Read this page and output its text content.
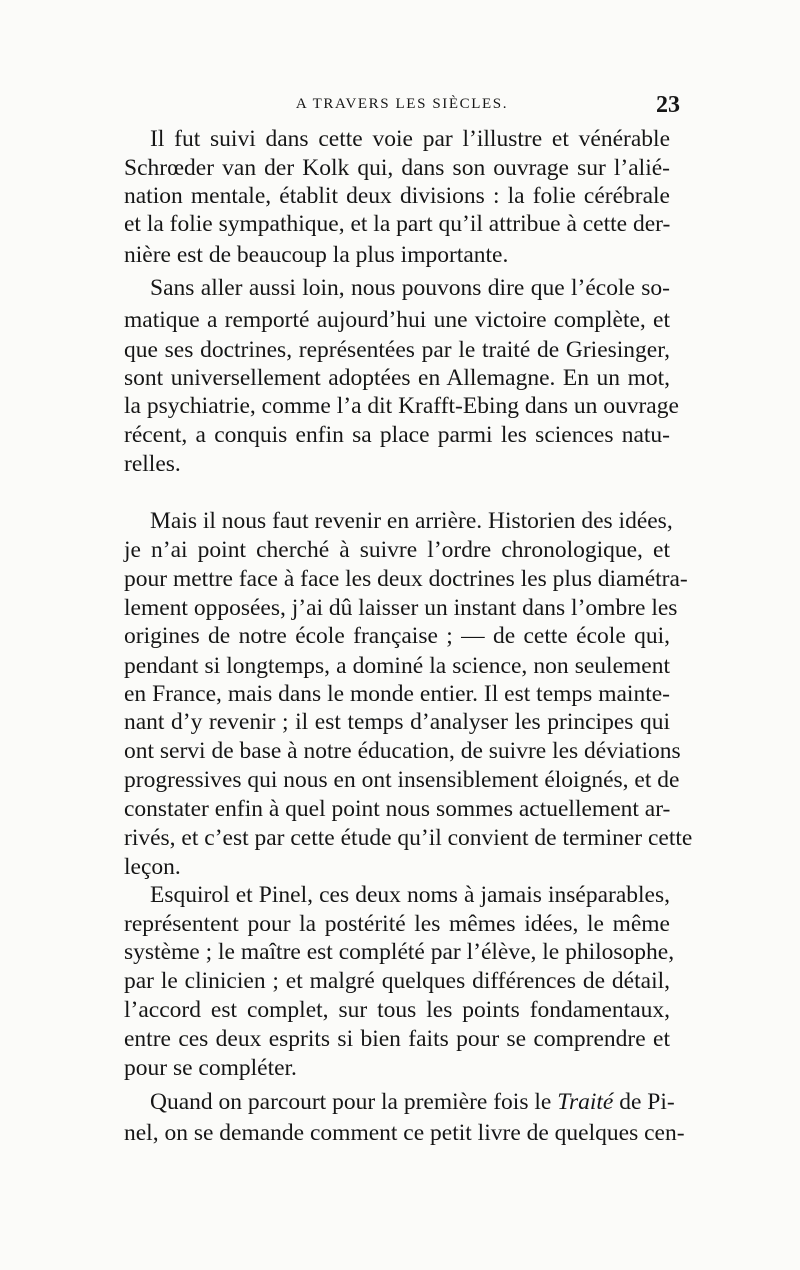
A TRAVERS LES SIÈCLES.	23
Il fut suivi dans cette voie par l’illustre et vénérable
Schrœder van der Kolk qui, dans son ouvrage sur l’alié-
nation mentale, établit deux divisions : la folie cérébrale
et la folie sympathique, et la part qu’il attribue à cette der-
nière est de beaucoup la plus importante.
Sans aller aussi loin, nous pouvons dire que l’école so-
matique a remporté aujourd’hui une victoire complète, et
que ses doctrines, représentées par le traité de Griesinger,
sont universellement adoptées en Allemagne. En un mot,
la psychiatrie, comme l’a dit Krafft-Ebing dans un ouvrage
récent, a conquis enfin sa place parmi les sciences natu-
relles.
Mais il nous faut revenir en arrière. Historien des idées,
je n’ai point cherché à suivre l’ordre chronologique, et
pour mettre face à face les deux doctrines les plus diamétra-
lement opposées, j’ai dû laisser un instant dans l’ombre les
origines de notre école française ; — de cette école qui,
pendant si longtemps, a dominé la science, non seulement
en France, mais dans le monde entier. Il est temps mainte-
nant d’y revenir ; il est temps d’analyser les principes qui
ont servi de base à notre éducation, de suivre les déviations
progressives qui nous en ont insensiblement éloignés, et de
constater enfin à quel point nous sommes actuellement ar-
rivés, et c’est par cette étude qu’il convient de terminer cette
leçon.
Esquirol et Pinel, ces deux noms à jamais inséparables,
représentent pour la postérité les mêmes idées, le même
système ; le maître est complété par l’élève, le philosophe,
par le clinicien ; et malgré quelques différences de détail,
l’accord est complet, sur tous les points fondamentaux,
entre ces deux esprits si bien faits pour se comprendre et
pour se compléter.
Quand on parcourt pour la première fois le Traité de Pi-
nel, on se demande comment ce petit livre de quelques cen-
